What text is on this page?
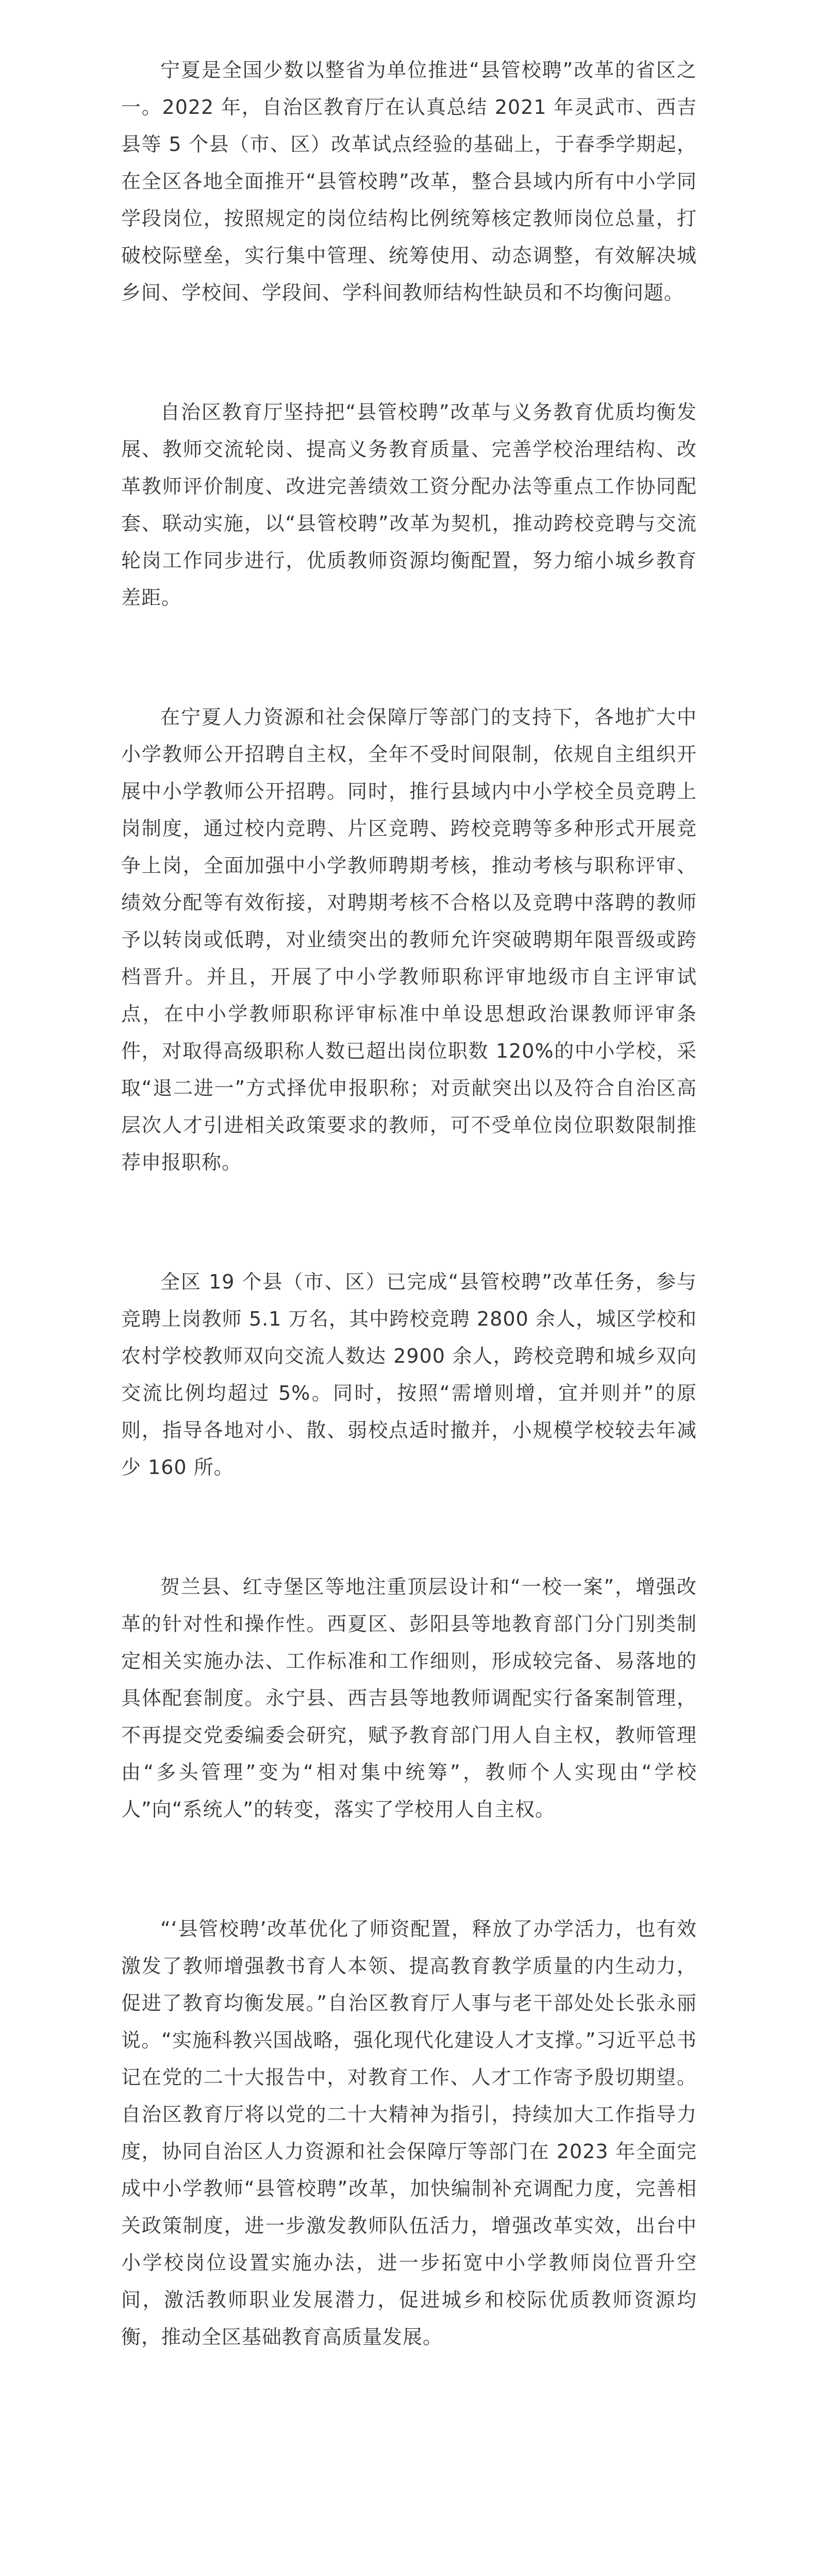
宁夏是全国少数以整省为单位推进“县管校聘”改革的省区之一。2022 年，自治区教育厅在认真总结 2021 年灵武市、西吉县等 5 个县（市、区）改革试点经验的基础上，于春季学期起，在全区各地全面推开“县管校聘”改革，整合县域内所有中小学同学段岗位，按照规定的岗位结构比例统筹核定教师岗位总量，打破校际壁垒，实行集中管理、统筹使用、动态调整，有效解决城乡间、学校间、学段间、学科间教师结构性缺员和不均衡问题。

自治区教育厅坚持把“县管校聘”改革与义务教育优质均衡发展、教师交流轮岗、提高义务教育质量、完善学校治理结构、改革教师评价制度、改进完善绩效工资分配办法等重点工作协同配套、联动实施，以“县管校聘”改革为契机，推动跨校竞聘与交流轮岗工作同步进行，优质教师资源均衡配置，努力缩小城乡教育差距。

在宁夏人力资源和社会保障厅等部门的支持下，各地扩大中小学教师公开招聘自主权，全年不受时间限制，依规自主组织开展中小学教师公开招聘。同时，推行县域内中小学校全员竞聘上岗制度，通过校内竞聘、片区竞聘、跨校竞聘等多种形式开展竞争上岗，全面加强中小学教师聘期考核，推动考核与职称评审、绩效分配等有效衔接，对聘期考核不合格以及竞聘中落聘的教师予以转岗或低聘，对业绩突出的教师允许突破聘期年限晋级或跨档晋升。并且，开展了中小学教师职称评审地级市自主评审试点，在中小学教师职称评审标准中单设思想政治课教师评审条件，对取得高级职称人数已超出岗位职数 120%的中小学校，采取“退二进一”方式择优申报职称；对贡献突出以及符合自治区高层次人才引进相关政策要求的教师，可不受单位岗位职数限制推荐申报职称。

全区 19 个县（市、区）已完成“县管校聘”改革任务，参与竞聘上岗教师 5.1 万名，其中跨校竞聘 2800 余人，城区学校和农村学校教师双向交流人数达 2900 余人，跨校竞聘和城乡双向交流比例均超过 5%。同时，按照“需增则增，宜并则并”的原则，指导各地对小、散、弱校点适时撤并，小规模学校较去年减少 160 所。

贺兰县、红寺堡区等地注重顶层设计和“一校一案”，增强改革的针对性和操作性。西夏区、彭阳县等地教育部门分门别类制定相关实施办法、工作标准和工作细则，形成较完备、易落地的具体配套制度。永宁县、西吉县等地教师调配实行备案制管理，不再提交党委编委会研究，赋予教育部门用人自主权，教师管理由“多头管理”变为“相对集中统筹”，教师个人实现由“学校人”向“系统人”的转变，落实了学校用人自主权。

“‘县管校聘’改革优化了师资配置，释放了办学活力，也有效激发了教师增强教书育人本领、提高教育教学质量的内生动力，促进了教育均衡发展。”自治区教育厅人事与老干部处处长张永丽说。“实施科教兴国战略，强化现代化建设人才支撑。”习近平总书记在党的二十大报告中，对教育工作、人才工作寄予殷切期望。自治区教育厅将以党的二十大精神为指引，持续加大工作指导力度，协同自治区人力资源和社会保障厅等部门在 2023 年全面完成中小学教师“县管校聘”改革，加快编制补充调配力度，完善相关政策制度，进一步激发教师队伍活力，增强改革实效，出台中小学校岗位设置实施办法，进一步拓宽中小学教师岗位晋升空间，激活教师职业发展潜力，促进城乡和校际优质教师资源均衡，推动全区基础教育高质量发展。
